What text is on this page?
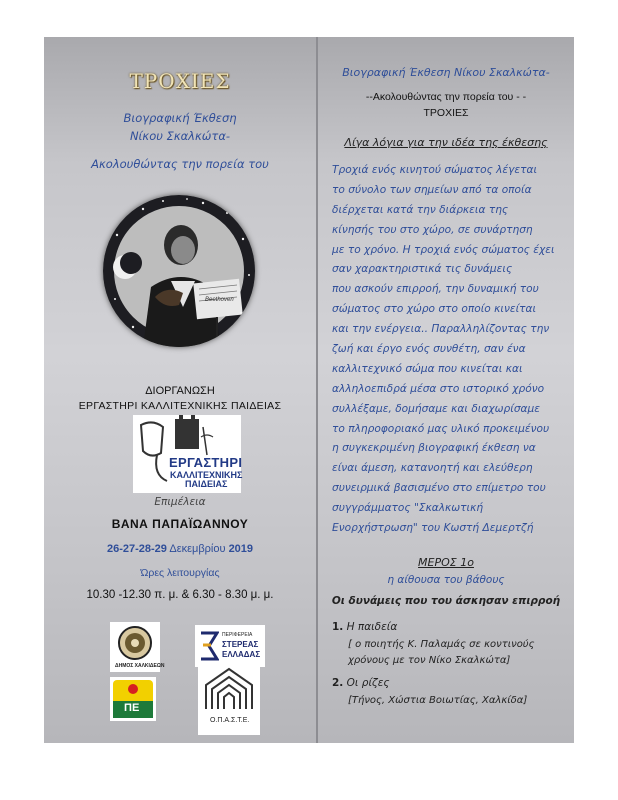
ΤΡΟΧΙΕΣ
Βιογραφική Έκθεση
Νίκου Σκαλκώτα-
Ακολουθώντας την πορεία του
Beethoven
ΔΙΟΡΓΑΝΩΣΗ
ΕΡΓΑΣΤΗΡΙ ΚΑΛΛΙΤΕΧΝΙΚΗΣ ΠΑΙΔΕΙΑΣ
ΕΡΓΑΣΤΗΡΙ
ΚΑΛΛΙΤΕΧΝΙΚΗΣ
ΠΑΙΔΕΙΑΣ
Επιμέλεια
ΒΑΝΑ ΠΑΠΑΪΩΑΝΝΟΥ
26-27-28-29 Δεκεμβρίου 2019
Ώρες λειτουργίας
10.30 -12.30 π. μ. & 6.30 - 8.30 μ. μ.
ΔΗΜΟΣ ΧΑΛΚΙΔΕΩΝ
ΠΕΡΙΦΕΡΕΙΑ
ΣΤΕΡΕΑΣ
ΕΛΛΑΔΑΣ
ΠΕ
Ο.Π.Α.Σ.Τ.Ε.
Βιογραφική Έκθεση Νίκου Σκαλκώτα-
--Ακολουθώντας την πορεία του - -
ΤΡΟΧΙΕΣ
Λίγα λόγια για την ιδέα της έκθεσης
Τροχιά ενός κινητού σώματος λέγεται
το σύνολο των σημείων από τα οποία
διέρχεται κατά την διάρκεια της
κίνησής του στο χώρο, σε συνάρτηση
με το χρόνο. Η τροχιά ενός σώματος έχει
σαν χαρακτηριστικά τις δυνάμεις
που ασκούν επιρροή, την δυναμική του
σώματος στο χώρο στο οποίο κινείται
και την ενέργεια.. Παραλληλίζοντας την
ζωή και έργο ενός συνθέτη, σαν ένα
καλλιτεχνικό σώμα που κινείται και
αλληλοεπιδρά μέσα στο ιστορικό χρόνο
συλλέξαμε, δομήσαμε και διαχωρίσαμε
το πληροφοριακό μας υλικό προκειμένου
η συγκεκριμένη βιογραφική έκθεση να
είναι άμεση, κατανοητή και ελεύθερη
συνειρμικά βασισμένο στο επίμετρο του
συγγράμματος "Σκαλκωτική
Ενορχήστρωση" του Κωστή Δεμερτζή
ΜΕΡΟΣ 1ο
η αίθουσα του βάθους
Οι δυνάμεις που του άσκησαν επιρροή
1. Η παιδεία
[ ο ποιητής Κ. Παλαμάς σε κοντινούς
χρόνους με τον Νίκο Σκαλκώτα]
2. Οι ρίζες
[Τήνος, Χώστια Βοιωτίας, Χαλκίδα]
